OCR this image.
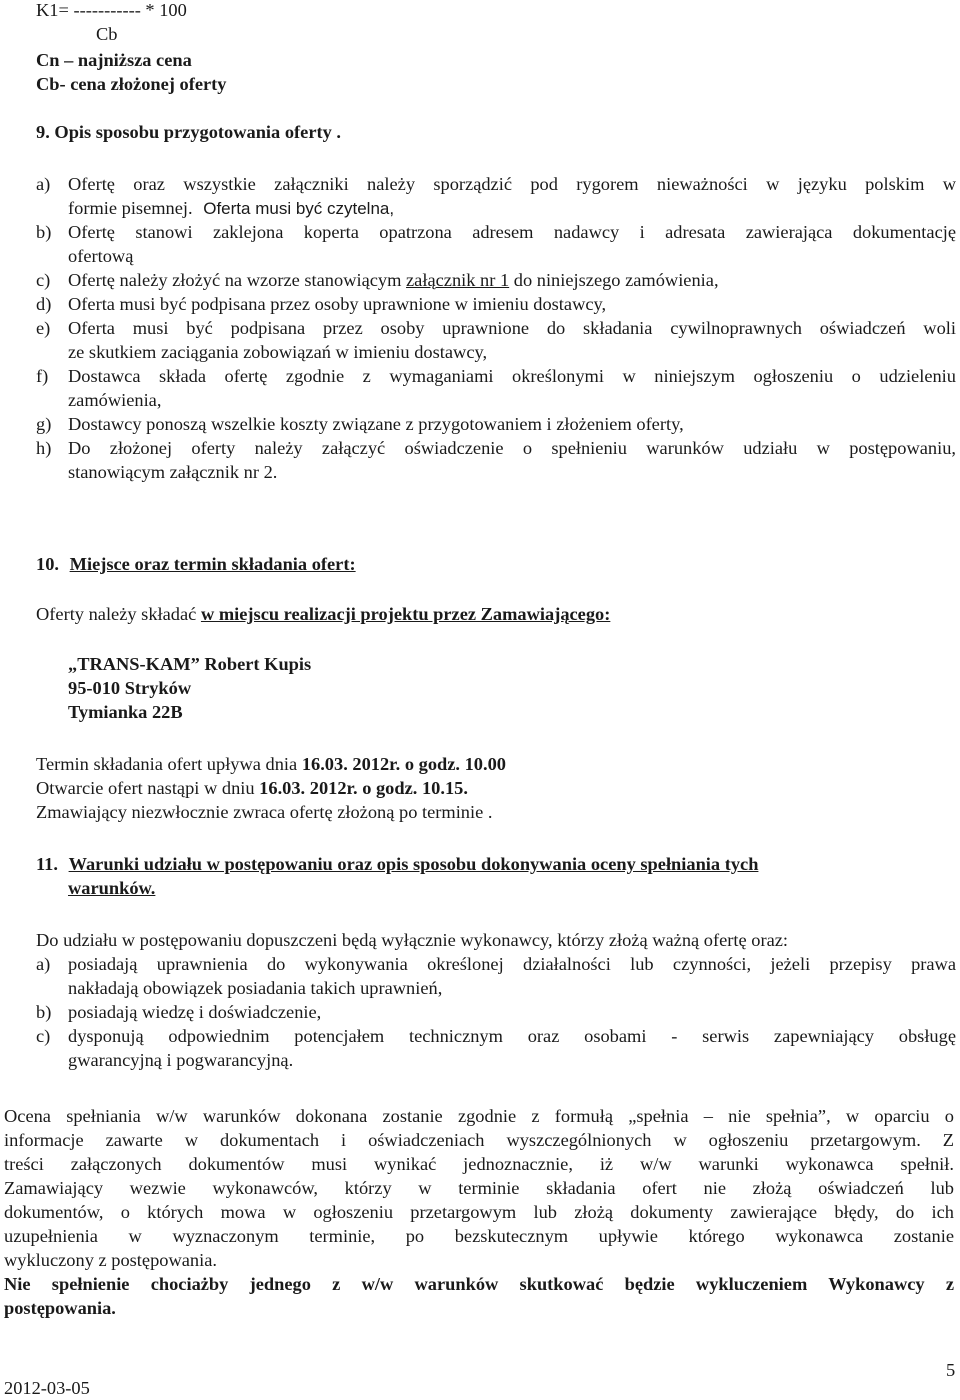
K1= ----------- * 100
Cb
Cn – najniższa cena
Cb- cena złożonej oferty
9. Opis sposobu przygotowania oferty .
a) Ofertę oraz wszystkie załączniki należy sporządzić pod rygorem nieważności w języku polskim w
formie pisemnej. Oferta musi być czytelna,
b) Ofertę stanowi zaklejona koperta opatrzona adresem nadawcy i adresata zawierająca dokumentację
ofertową
c) Ofertę należy złożyć na wzorze stanowiącym załącznik nr 1 do niniejszego zamówienia,
d) Oferta musi być podpisana przez osoby uprawnione w imieniu dostawcy,
e) Oferta musi być podpisana przez osoby uprawnione do składania cywilnoprawnych oświadczeń woli
ze skutkiem zaciągania zobowiązań w imieniu dostawcy,
f) Dostawca składa ofertę zgodnie z wymaganiami określonymi w niniejszym ogłoszeniu o udzieleniu
zamówienia,
g) Dostawcy ponoszą wszelkie koszty związane z przygotowaniem i złożeniem oferty,
h) Do złożonej oferty należy załączyć oświadczenie o spełnieniu warunków udziału w postępowaniu,
stanowiącym załącznik nr 2.
10. Miejsce oraz termin składania ofert:
Oferty należy składać w miejscu realizacji projektu przez Zamawiającego:
„TRANS-KAM” Robert Kupis
95-010 Stryków
Tymianka 22B
Termin składania ofert upływa dnia 16.03. 2012r. o godz. 10.00
Otwarcie ofert nastąpi w dniu 16.03. 2012r. o godz. 10.15.
Zmawiający niezwłocznie zwraca ofertę złożoną po terminie .
11. Warunki udziału w postępowaniu oraz opis sposobu dokonywania oceny spełniania tych
warunków.
Do udziału w postępowaniu dopuszczeni będą wyłącznie wykonawcy, którzy złożą ważną ofertę oraz:
a) posiadają uprawnienia do wykonywania określonej działalności lub czynności, jeżeli przepisy prawa
nakładają obowiązek posiadania takich uprawnień,
b) posiadają wiedzę i doświadczenie,
c) dysponują odpowiednim potencjałem technicznym oraz osobami - serwis zapewniający obsługę
gwarancyjną i pogwarancyjną.
Ocena spełniania w/w warunków dokonana zostanie zgodnie z formułą „spełnia – nie spełnia”, w oparciu o
informacje zawarte w dokumentach i oświadczeniach wyszczególnionych w ogłoszeniu przetargowym. Z
treści załączonych dokumentów musi wynikać jednoznacznie, iż w/w warunki wykonawca spełnił.
Zamawiający wezwie wykonawców, którzy w terminie składania ofert nie złożą oświadczeń lub
dokumentów, o których mowa w ogłoszeniu przetargowym lub złożą dokumenty zawierające błędy, do ich
uzupełnienia w wyznaczonym terminie, po bezskutecznym upływie którego wykonawca zostanie
wykluczony z postępowania.
Nie spełnienie chociażby jednego z w/w warunków skutkować będzie wykluczeniem Wykonawcy z
postępowania.
5
2012-03-05
